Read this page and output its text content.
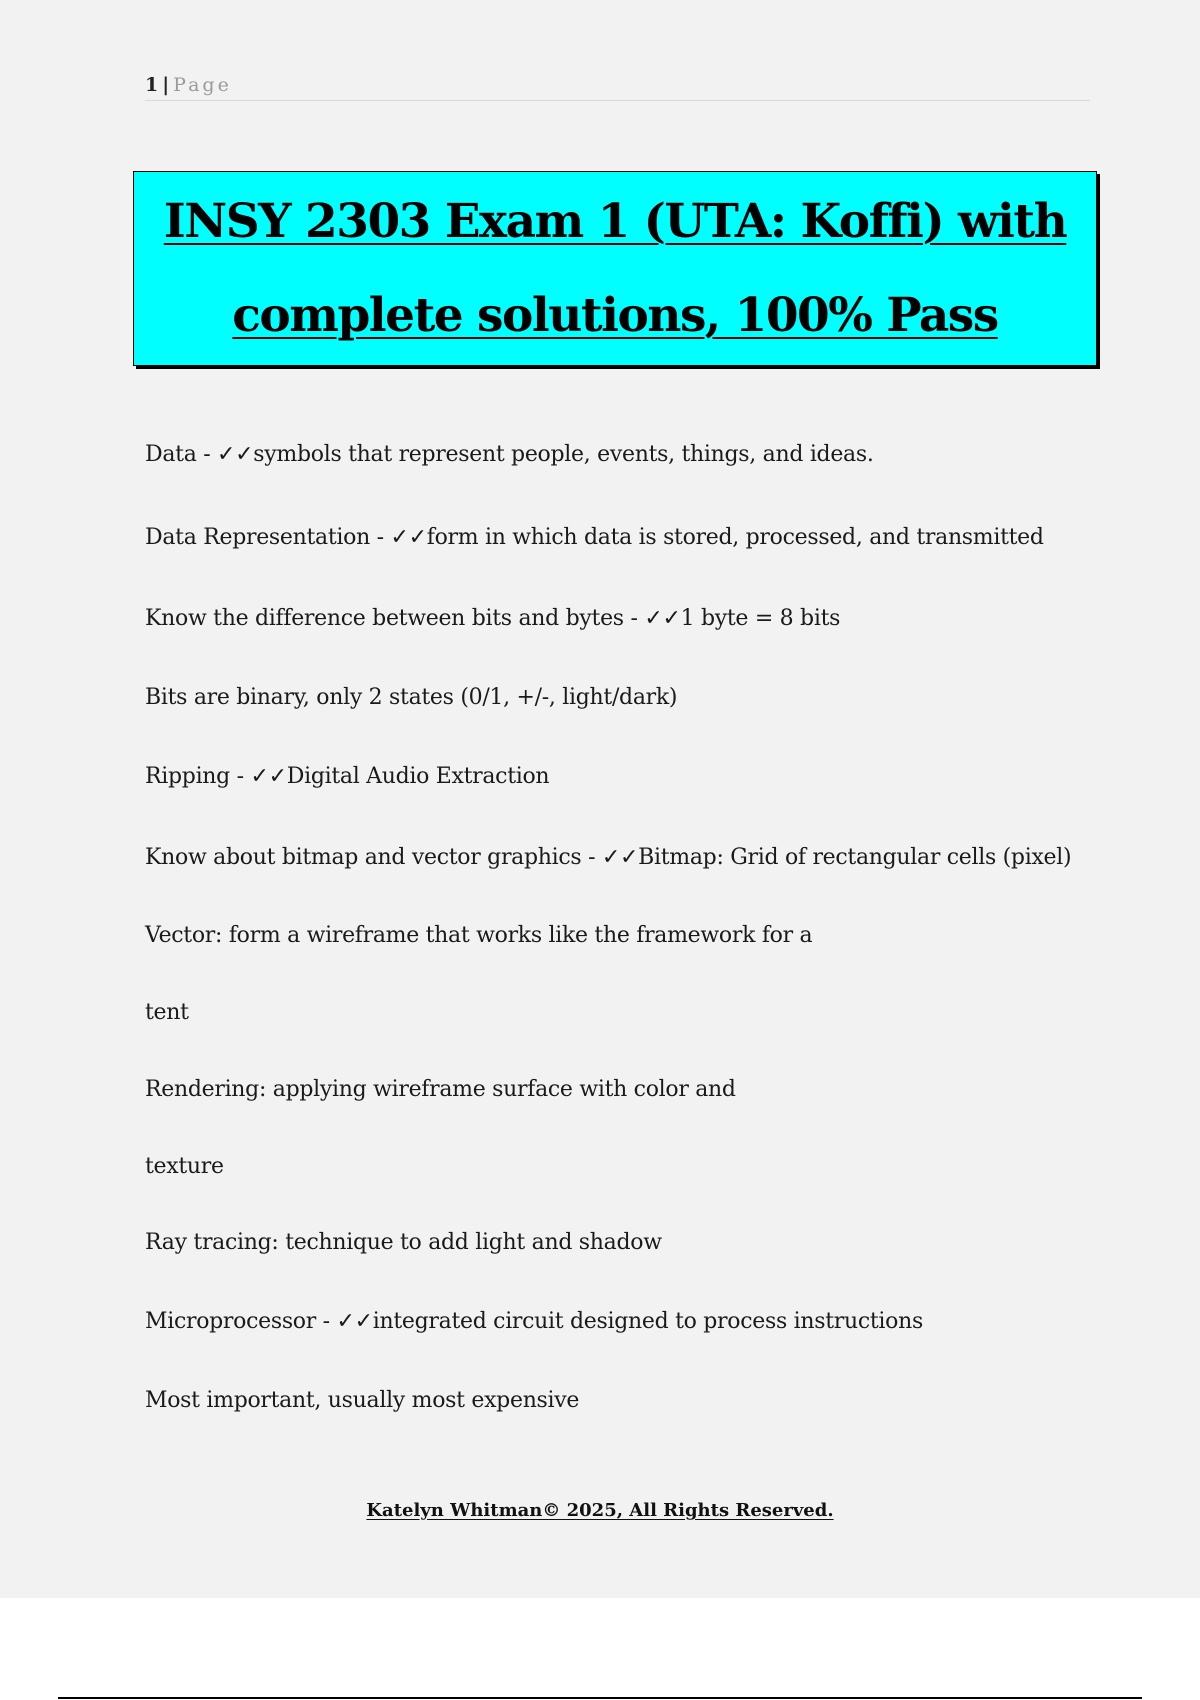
1 | Page
INSY 2303 Exam 1 (UTA: Koffi) with
complete solutions, 100% Pass
Data - ✓✓symbols that represent people, events, things, and ideas.
Data Representation - ✓✓form in which data is stored, processed, and transmitted
Know the difference between bits and bytes - ✓✓1 byte = 8 bits
Bits are binary, only 2 states (0/1, +/-, light/dark)
Ripping - ✓✓Digital Audio Extraction
Know about bitmap and vector graphics - ✓✓Bitmap: Grid of rectangular cells (pixel)
Vector: form a wireframe that works like the framework for a
tent
Rendering: applying wireframe surface with color and
texture
Ray tracing: technique to add light and shadow
Microprocessor - ✓✓integrated circuit designed to process instructions
Most important, usually most expensive
Katelyn Whitman© 2025, All Rights Reserved.
